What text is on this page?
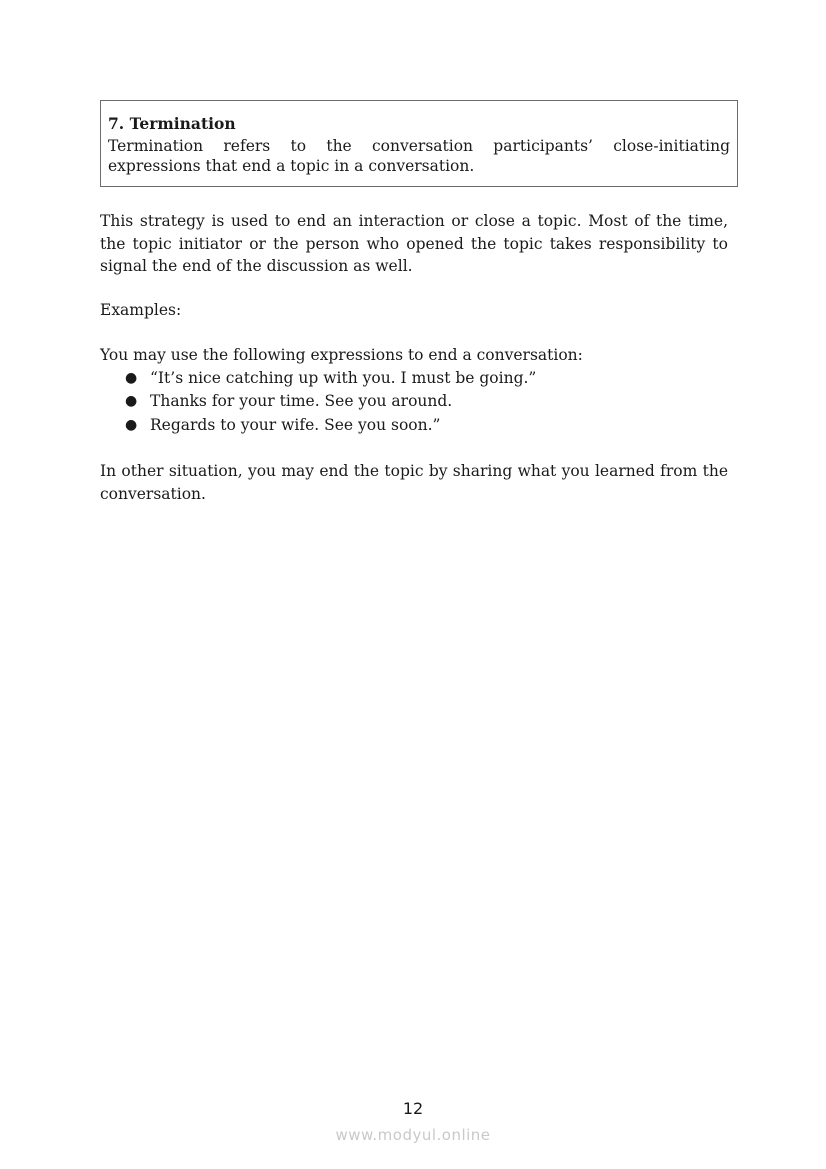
7. Termination

Termination refers to the conversation participants’ close-initiating expressions that end a topic in a conversation.

This strategy is used to end an interaction or close a topic. Most of the time, the topic initiator or the person who opened the topic takes responsibility to signal the end of the discussion as well.

Examples:

You may use the following expressions to end a conversation:

● “It’s nice catching up with you. I must be going.”
● Thanks for your time. See you around.
● Regards to your wife. See you soon.”

In other situation, you may end the topic by sharing what you learned from the conversation.

12
www.modyul.online
